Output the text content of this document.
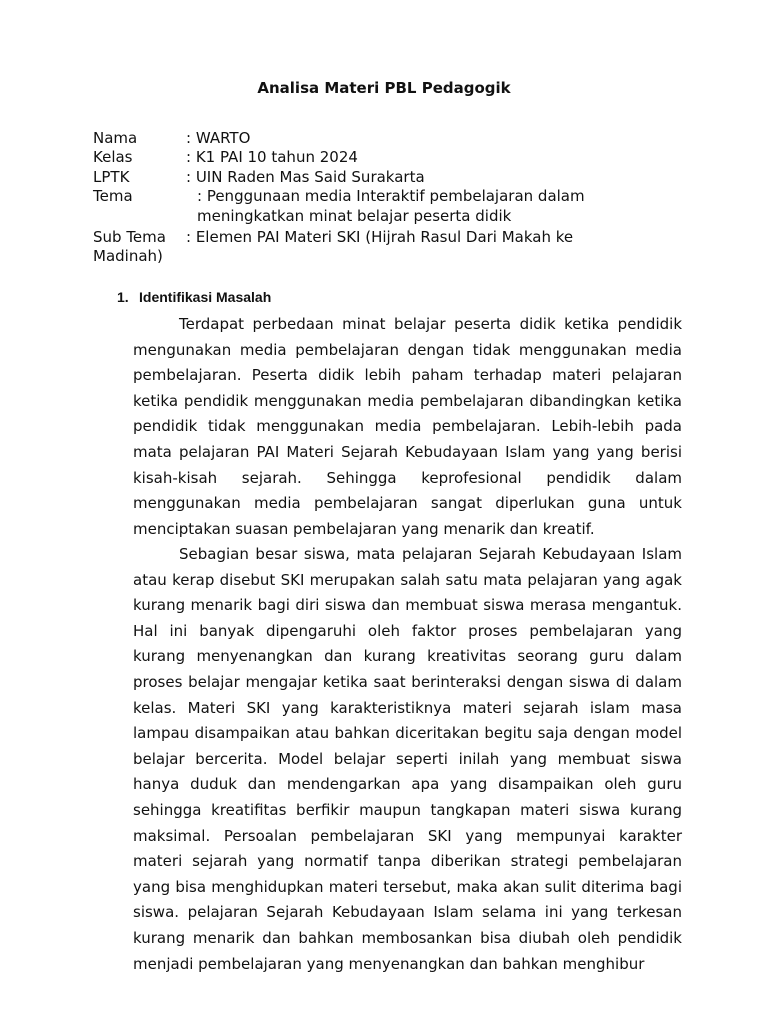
Analisa Materi PBL Pedagogik
Nama	: WARTO
Kelas	: K1 PAI 10 tahun 2024
LPTK	: UIN Raden Mas Said Surakarta
Tema	: Penggunaan media Interaktif pembelajaran dalam
meningkatkan minat belajar peserta didik
Sub Tema : Elemen PAI Materi SKI (Hijrah Rasul Dari Makah ke
Madinah)
1. Identifikasi Masalah

Terdapat perbedaan minat belajar peserta didik ketika pendidik mengunakan media pembelajaran dengan tidak menggunakan media pembelajaran. Peserta didik lebih paham terhadap materi pelajaran ketika pendidik menggunakan media pembelajaran dibandingkan ketika pendidik tidak menggunakan media pembelajaran. Lebih-lebih pada mata pelajaran PAI Materi Sejarah Kebudayaan Islam yang yang berisi kisah-kisah sejarah. Sehingga keprofesional pendidik dalam menggunakan media pembelajaran sangat diperlukan guna untuk menciptakan suasan pembelajaran yang menarik dan kreatif.

Sebagian besar siswa, mata pelajaran Sejarah Kebudayaan Islam atau kerap disebut SKI merupakan salah satu mata pelajaran yang agak kurang menarik bagi diri siswa dan membuat siswa merasa mengantuk. Hal ini banyak dipengaruhi oleh faktor proses pembelajaran yang kurang menyenangkan dan kurang kreativitas seorang guru dalam proses belajar mengajar ketika saat berinteraksi dengan siswa di dalam kelas. Materi SKI yang karakteristiknya materi sejarah islam masa lampau disampaikan atau bahkan diceritakan begitu saja dengan model belajar bercerita. Model belajar seperti inilah yang membuat siswa hanya duduk dan mendengarkan apa yang disampaikan oleh guru sehingga kreatifitas berfikir maupun tangkapan materi siswa kurang maksimal. Persoalan pembelajaran SKI yang mempunyai karakter materi sejarah yang normatif tanpa diberikan strategi pembelajaran yang bisa menghidupkan materi tersebut, maka akan sulit diterima bagi siswa. pelajaran Sejarah Kebudayaan Islam selama ini yang terkesan kurang menarik dan bahkan membosankan bisa diubah oleh pendidik menjadi pembelajaran yang menyenangkan dan bahkan menghibur
